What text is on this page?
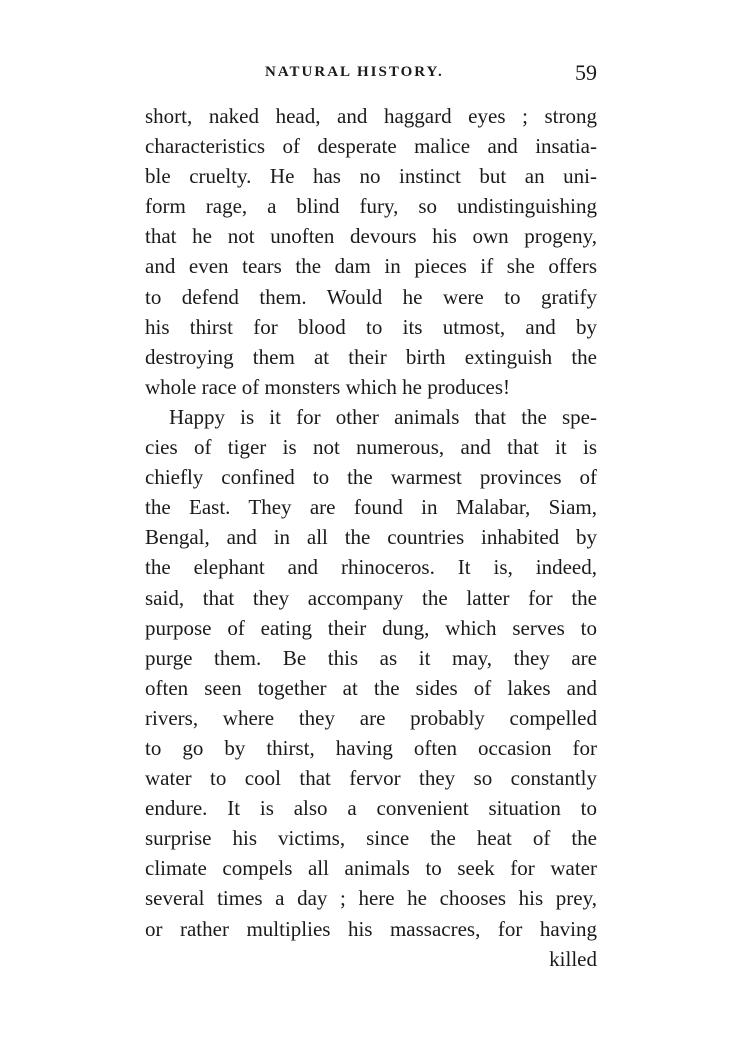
NATURAL HISTORY.	59
short, naked head, and haggard eyes ; strong
characteristics of desperate malice and insatia-
ble cruelty. He has no instinct but an uni-
form rage, a blind fury, so undistinguishing
that he not unoften devours his own progeny,
and even tears the dam in pieces if she offers
to defend them. Would he were to gratify
his thirst for blood to its utmost, and by
destroying them at their birth extinguish the
whole race of monsters which he produces!
Happy is it for other animals that the spe-
cies of tiger is not numerous, and that it is
chiefly confined to the warmest provinces of
the East. They are found in Malabar, Siam,
Bengal, and in all the countries inhabited by
the elephant and rhinoceros. It is, indeed,
said, that they accompany the latter for the
purpose of eating their dung, which serves to
purge them. Be this as it may, they are
often seen together at the sides of lakes and
rivers, where they are probably compelled
to go by thirst, having often occasion for
water to cool that fervor they so constantly
endure. It is also a convenient situation to
surprise his victims, since the heat of the
climate compels all animals to seek for water
several times a day ; here he chooses his prey,
or rather multiplies his massacres, for having
killed
